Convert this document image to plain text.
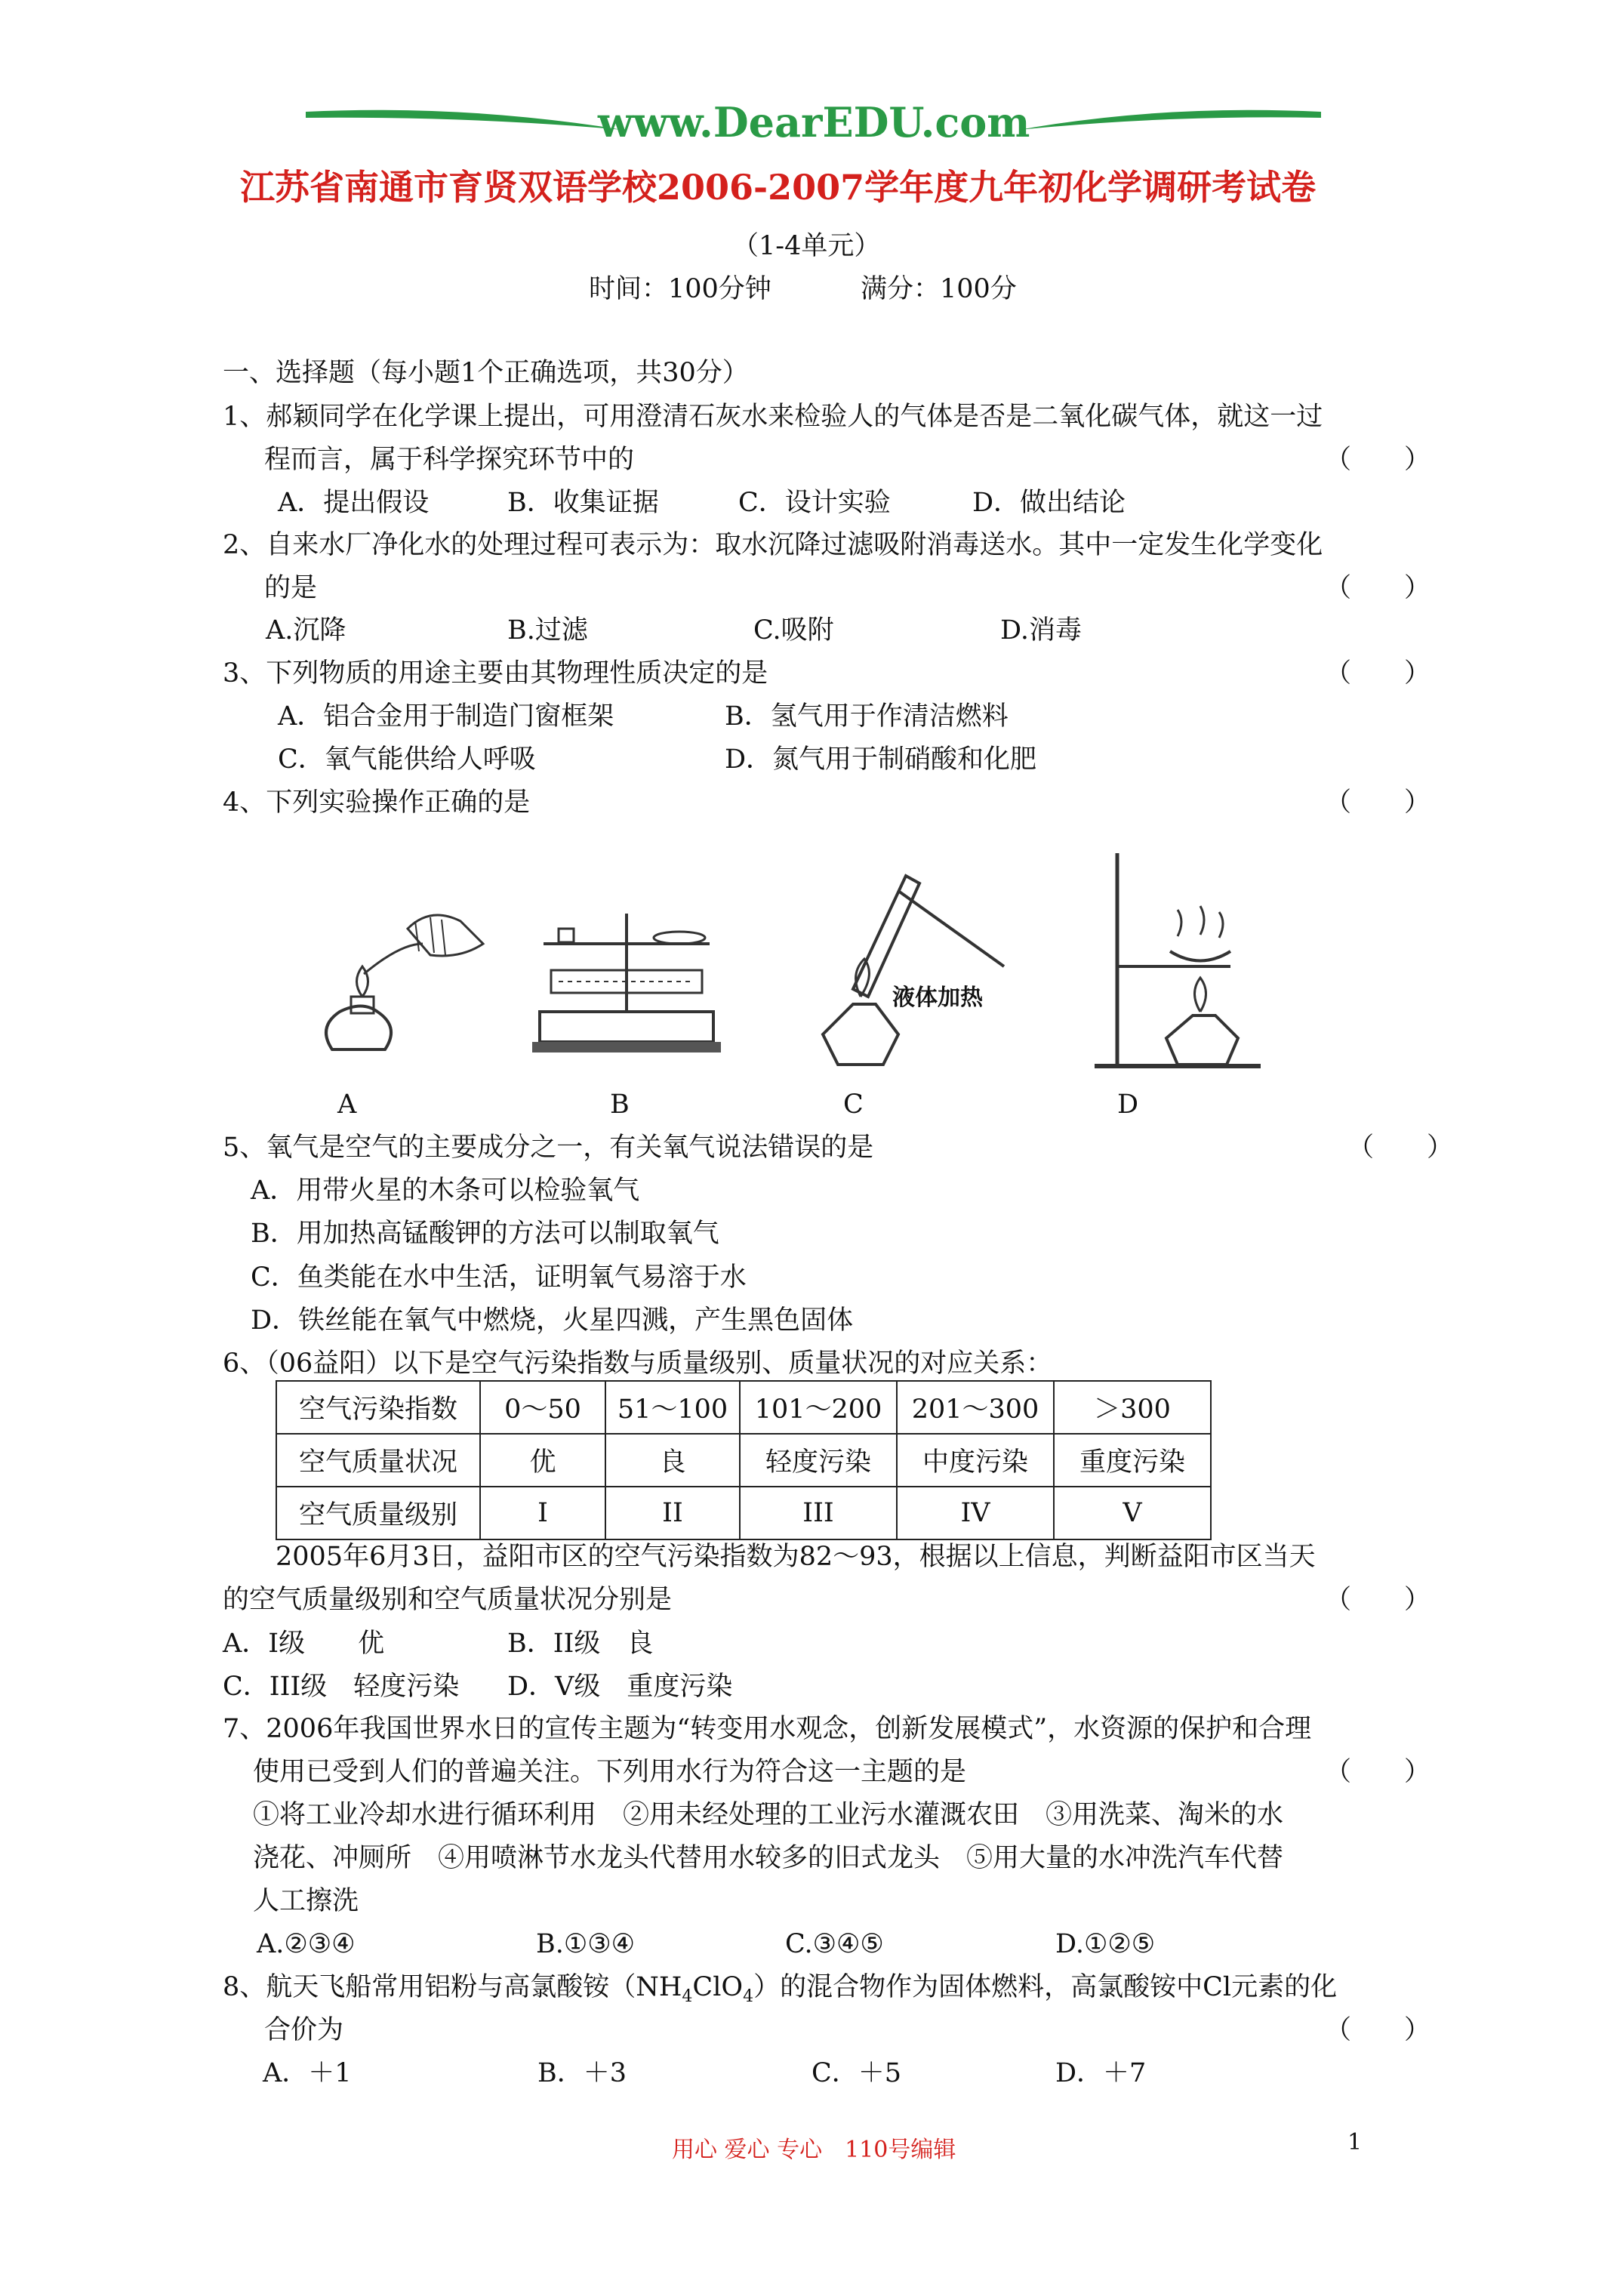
www.DearEDU.com
江苏省南通市育贤双语学校2006-2007学年度九年初化学调研考试卷
（1-4单元）
时间：100分钟	满分：100分
一、选择题（每小题1个正确选项，共30分）
1、郝颖同学在化学课上提出，可用澄清石灰水来检验人的气体是否是二氧化碳气体，就这一过
程而言，属于科学探究环节中的	（　　）
A．提出假设	B．收集证据	C．设计实验	D．做出结论
2、自来水厂净化水的处理过程可表示为：取水沉降过滤吸附消毒送水。其中一定发生化学变化
的是	（　　）
A.沉降	B.过滤	C.吸附	D.消毒
3、下列物质的用途主要由其物理性质决定的是	（　　）
A．铝合金用于制造门窗框架	B．氢气用于作清洁燃料
C．氧气能供给人呼吸	D．氮气用于制硝酸和化肥
4、下列实验操作正确的是	（　　）
液体加热
A	B	C	D
5、氧气是空气的主要成分之一，有关氧气说法错误的是	（　　）
A．用带火星的木条可以检验氧气
B．用加热高锰酸钾的方法可以制取氧气
C．鱼类能在水中生活，证明氧气易溶于水
D．铁丝能在氧气中燃烧，火星四溅，产生黑色固体
6、（06益阳）以下是空气污染指数与质量级别、质量状况的对应关系：
空气污染指数	0～50	51～100	101～200	201～300	＞300
空气质量状况	优	良	轻度污染	中度污染	重度污染
空气质量级别	I	II	III	IV	V
2005年6月3日，益阳市区的空气污染指数为82～93，根据以上信息，判断益阳市区当天
的空气质量级别和空气质量状况分别是	（　　）
A．I级　　优	B．II级　良
C．III级　轻度污染 D．V级　重度污染
7、2006年我国世界水日的宣传主题为“转变用水观念，创新发展模式”，水资源的保护和合理
使用已受到人们的普遍关注。下列用水行为符合这一主题的是	（　　）
①将工业冷却水进行循环利用　②用未经处理的工业污水灌溉农田　③用洗菜、淘米的水
浇花、冲厕所　④用喷淋节水龙头代替用水较多的旧式龙头　⑤用大量的水冲洗汽车代替
人工擦洗
A.②③④	B.①③④	C.③④⑤	D.①②⑤
8、航天飞船常用铝粉与高氯酸铵$(NH_4ClO_4)$的混合物作为固体燃料，高氯酸铵中Cl元素的化
合价为	（　　）
A．＋1	B．＋3	C．＋5	D．＋7
用心 爱心 专心　110号编辑	1
